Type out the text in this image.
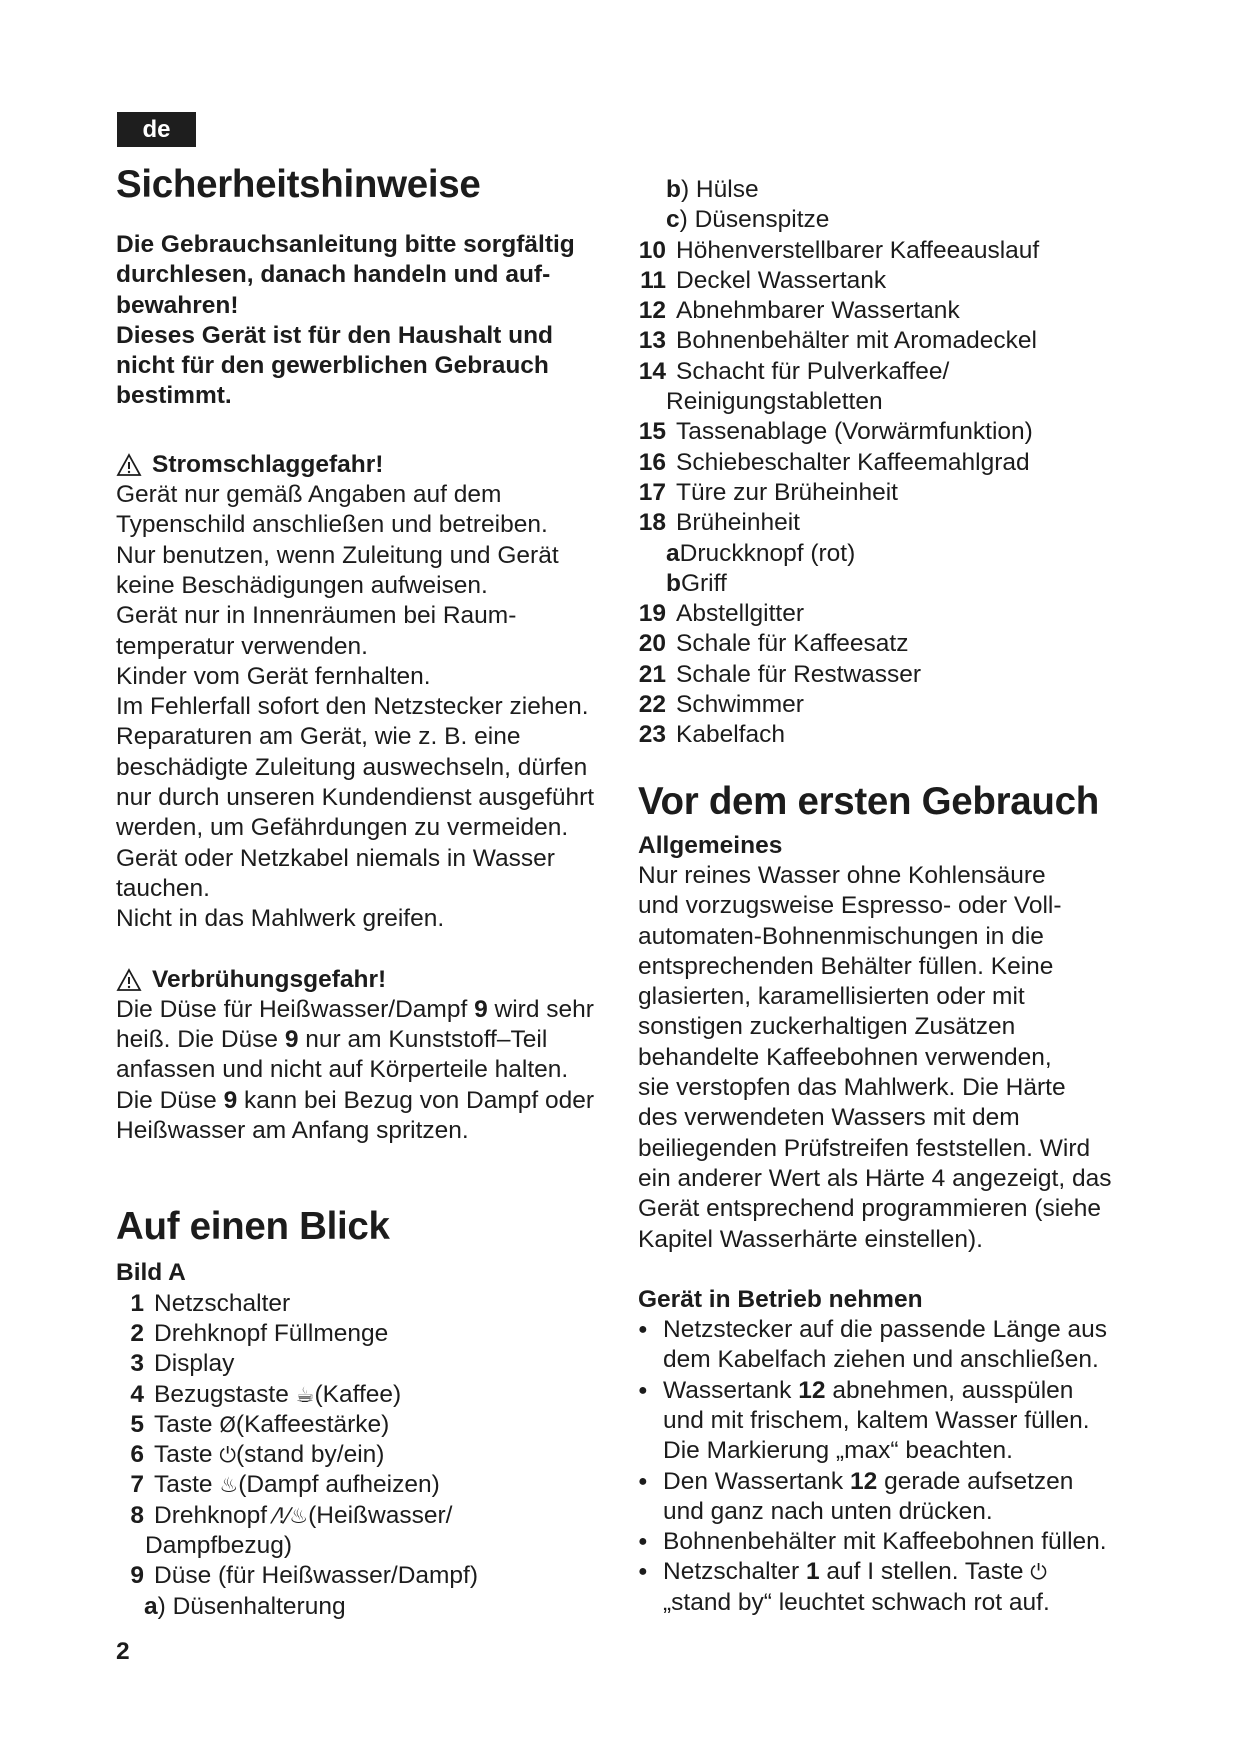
de
Sicherheitshinweise

Die Gebrauchsanleitung bitte sorgfältig

durchlesen, danach handeln und auf-

bewahren!

Dieses Gerät ist für den Haushalt und

nicht für den gewerblichen Gebrauch

bestimmt.

Stromschlaggefahr!

Gerät nur gemäß Angaben auf dem

Typenschild anschließen und betreiben.

Nur benutzen, wenn Zuleitung und Gerät

keine Beschädigungen aufweisen.

Gerät nur in Innenräumen bei Raum-

temperatur verwenden.

Kinder vom Gerät fernhalten.

Im Fehlerfall sofort den Netzstecker ziehen.

Reparaturen am Gerät, wie z. B. eine

beschädigte Zuleitung auswechseln, dürfen

nur durch unseren Kundendienst ausgeführt

werden, um Gefährdungen zu vermeiden.

Gerät oder Netzkabel niemals in Wasser

tauchen.

Nicht in das Mahlwerk greifen.

Verbrühungsgefahr!

Die Düse für Heißwasser/Dampf 9 wird sehr

heiß. Die Düse 9 nur am Kunststoff–Teil

anfassen und nicht auf Körperteile halten.

Die Düse 9 kann bei Bezug von Dampf oder

Heißwasser am Anfang spritzen.

Auf einen Blick
Bild A
1 Netzschalter
2 Drehknopf Füllmenge
3 Display
4 Bezugstaste
☕ (Kaffee)
5 Taste
Ø (Kaffeestärke)
6 Taste
⏻ (stand by/ein)
7 Taste
♨ (Dampf aufheizen)
8 Drehknopf
⁄!⁄♨ (Heißwasser/
Dampfbezug)
9 Düse (für Heißwasser/Dampf)
a ) Düsenhalterung
2
b ) Hülse
c ) Düsenspitze
10 Höhenverstellbarer Kaffeeauslauf
11 Deckel Wassertank
12 Abnehmbarer Wassertank
13 Bohnenbehälter mit Aromadeckel
14 Schacht für Pulverkaffee/
Reinigungstabletten
15 Tassenablage (Vorwärmfunktion)
16 Schiebeschalter Kaffeemahlgrad
17 Türe zur Brüheinheit
18 Brüheinheit
a Druckknopf (rot)
b Griff
19 Abstellgitter
20 Schale für Kaffeesatz
21 Schale für Restwasser
22 Schwimmer
23 Kabelfach
Vor dem ersten Gebrauch
Allgemeines

Nur reines Wasser ohne Kohlensäure

und vorzugsweise Espresso- oder Voll-

automaten-Bohnenmischungen in die

entsprechenden Behälter füllen. Keine

glasierten, karamellisierten oder mit

sonstigen zuckerhaltigen Zusätzen

behandelte Kaffeebohnen verwenden,

sie verstopfen das Mahlwerk. Die Härte

des verwendeten Wassers mit dem

beiliegenden Prüfstreifen feststellen. Wird

ein anderer Wert als Härte 4 angezeigt, das

Gerät entsprechend programmieren (siehe

Kapitel Wasserhärte einstellen).

Gerät in Betrieb nehmen
● Netzstecker auf die passende Länge aus
dem Kabelfach ziehen und anschließen.
● Wassertank 12 abnehmen, ausspülen
und mit frischem, kaltem Wasser füllen.
Die Markierung „max“ beachten.
● Den Wassertank 12 gerade aufsetzen
und ganz nach unten drücken.
● Bohnenbehälter mit Kaffeebohnen füllen.
● Netzschalter 1 auf I stellen. Taste ⏻
„stand by“ leuchtet schwach rot auf.
